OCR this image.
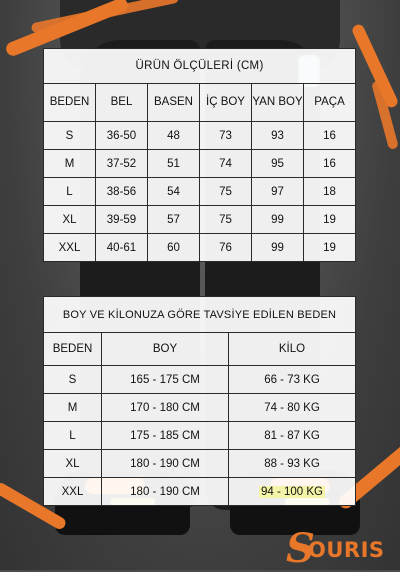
ÜRÜN ÖLÇÜLERİ (CM)					
BEDEN	BEL	BASEN	İÇ BOY	YAN BOY	PAÇA
S	36-50	48	73	93	16
M	37-52	51	74	95	16
L	38-56	54	75	97	18
XL	39-59	57	75	99	19
XXL	40-61	60	76	99	19
BOY VE KİLONUZA GÖRE TAVSİYE EDİLEN BEDEN		
BEDEN	BOY	KİLO
S	165 - 175 CM	66 - 73 KG
M	170 - 180 CM	74 - 80 KG
L	175 - 185 CM	81 - 87 KG
XL	180 - 190 CM	88 - 93 KG
XXL	180 - 190 CM	94 - 100 KG
S
OURIS
